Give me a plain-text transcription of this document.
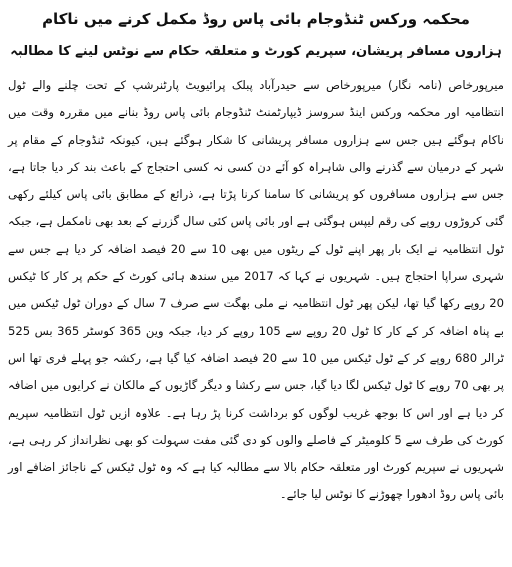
محکمہ ورکس ٹنڈوجام بائی پاس روڈ مکمل کرنے میں ناکام
ہزاروں مسافر پریشان، سپریم کورٹ و متعلقہ حکام سے نوٹس لینے کا مطالبہ

میرپورخاص (نامہ نگار) میرپورخاص سے حیدرآباد پبلک پرائیویٹ پارٹنرشپ کے تحت چلنے والے ٹول انتظامیہ اور محکمہ ورکس اینڈ سروسز ڈیپارٹمنٹ ٹنڈوجام بائی پاس روڈ بنانے میں مقررہ وقت میں ناکام ہوگئے ہیں جس سے ہزاروں مسافر پریشانی کا شکار ہوگئے ہیں، کیونکہ ٹنڈوجام کے مقام پر شہر کے درمیان سے گذرنے والی شاہراہ کو آئے دن کسی نہ کسی احتجاج کے باعث بند کر دیا جاتا ہے، جس سے ہزاروں مسافروں کو پریشانی کا سامنا کرنا پڑتا ہے، ذرائع کے مطابق بائی پاس کیلئے رکھی گئی کروڑوں روپے کی رقم لیپس ہوگئی ہے اور بائی پاس کئی سال گزرنے کے بعد بھی نامکمل ہے، جبکہ ٹول انتظامیہ نے ایک بار پھر اپنے ٹول کے ریٹوں میں بھی 10 سے 20 فیصد اضافہ کر دیا ہے جس سے شہری سراپا احتجاج ہیں۔ شہریوں نے کہا کہ 2017 میں سندھ ہائی کورٹ کے حکم پر کار کا ٹیکس 20 روپے رکھا گیا تھا، لیکن پھر ٹول انتظامیہ نے ملی بھگت سے صرف 7 سال کے دوران ٹول ٹیکس میں بے پناہ اضافہ کر کے کار کا ٹول 20 روپے سے 105 روپے کر دیا، جبکہ وین 365 کوسٹر 365 بس 525 ٹرالر 680 روپے کر کے ٹول ٹیکس میں 10 سے 20 فیصد اضافہ کیا گیا ہے، رکشہ جو پہلے فری تھا اس پر بھی 70 روپے کا ٹول ٹیکس لگا دیا گیا، جس سے رکشا و دیگر گاڑیوں کے مالکان نے کرایوں میں اضافہ کر دیا ہے اور اس کا بوجھ غریب لوگوں کو برداشت کرنا پڑ رہا ہے۔ علاوہ ازیں ٹول انتظامیہ سپریم کورٹ کی طرف سے 5 کلومیٹر کے فاصلے والوں کو دی گئی مفت سہولت کو بھی نظرانداز کر رہی ہے، شہریوں نے سپریم کورٹ اور متعلقہ حکام بالا سے مطالبہ کیا ہے کہ وہ ٹول ٹیکس کے ناجائز اضافے اور بائی پاس روڈ ادھورا چھوڑنے کا نوٹس لیا جائے۔
